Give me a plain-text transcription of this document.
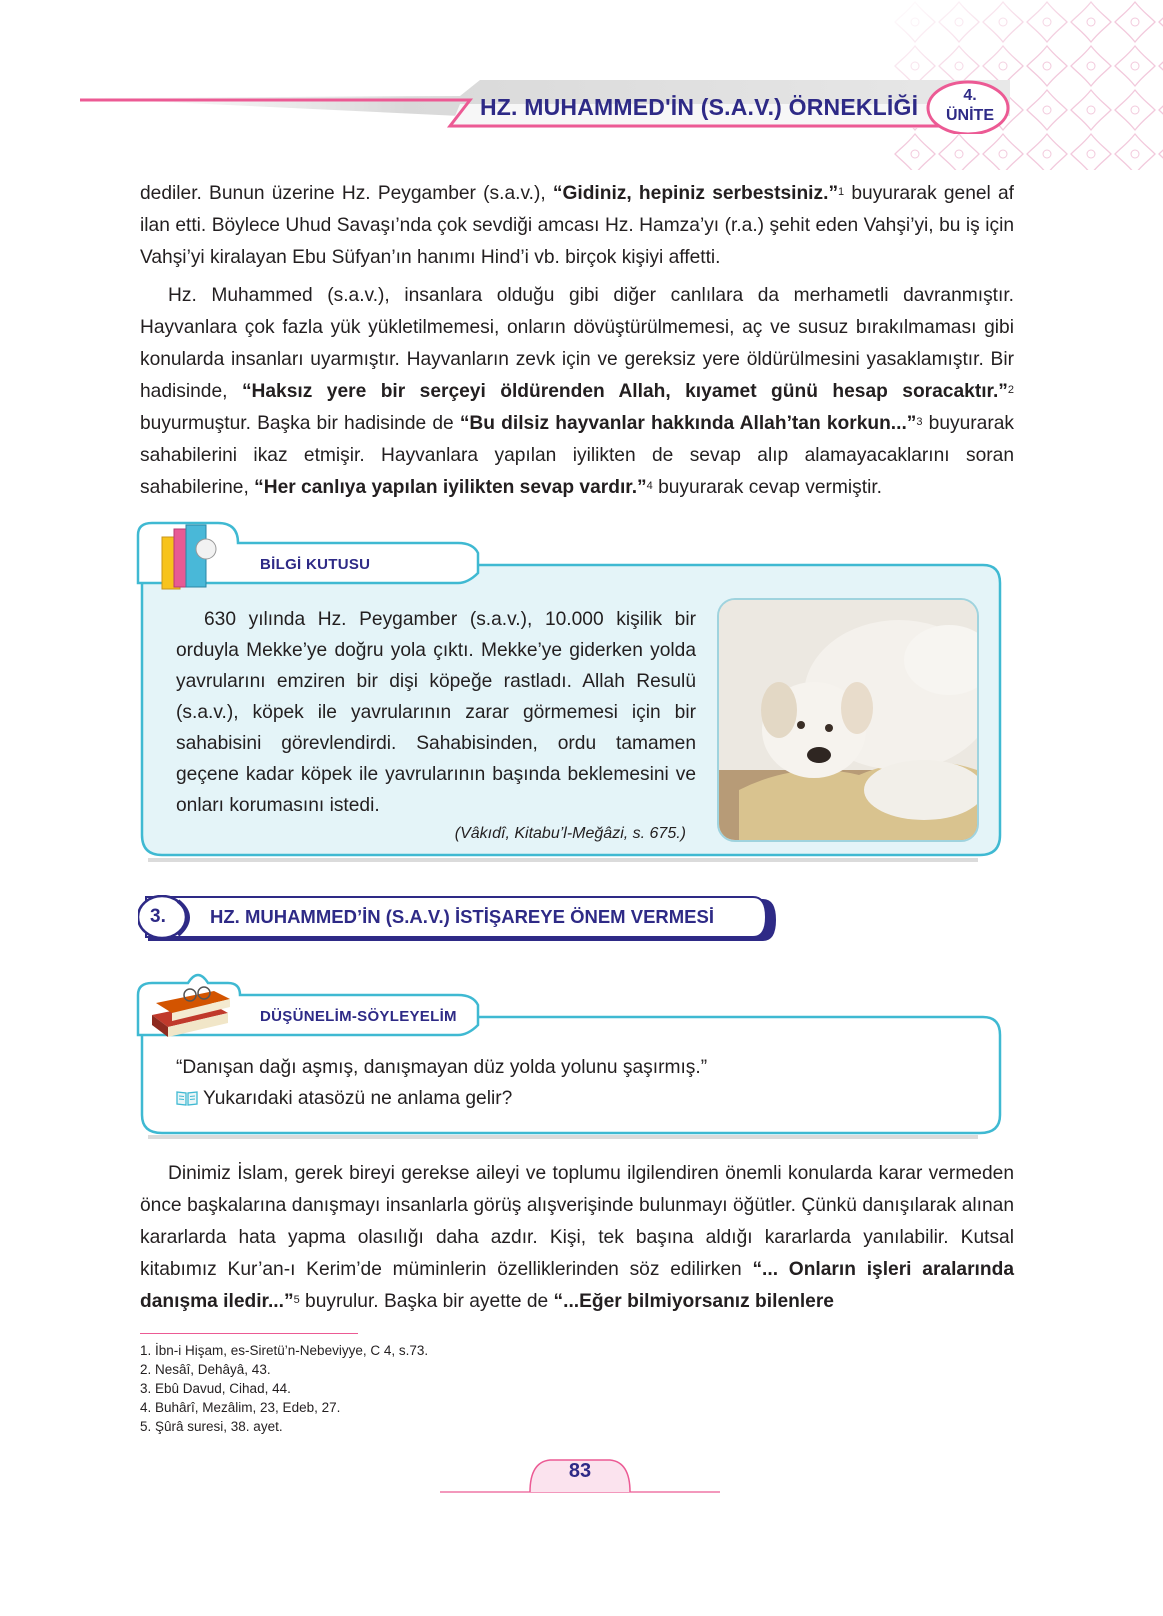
HZ. MUHAMMED'İN (S.A.V.) ÖRNEKLİĞİ	4.
ÜNİTE

dediler. Bunun üzerine Hz. Peygamber (s.a.v.), “Gidiniz, hepiniz serbestsiniz.”$^1$ buyurarak genel af ilan etti. Böylece Uhud Savaşı’nda çok sevdiği amcası Hz. Hamza’yı (r.a.) şehit eden Vahşi’yi, bu iş için Vahşi’yi kiralayan Ebu Süfyan’ın hanımı Hind’i vb. birçok kişiyi affetti.

Hz. Muhammed (s.a.v.), insanlara olduğu gibi diğer canlılara da merhametli davranmıştır. Hayvanlara çok fazla yük yükletilmemesi, onların dövüştürülmemesi, aç ve susuz bırakılmaması gibi konularda insanları uyarmıştır. Hayvanların zevk için ve gereksiz yere öldürülmesini yasaklamıştır. Bir hadisinde, “Haksız yere bir serçeyi öldürenden Allah, kıyamet günü hesap soracaktır.”$^2$ buyurmuştur. Başka bir hadisinde de “Bu dilsiz hayvanlar hakkında Allah’tan korkun...”$^3$ buyurarak sahabilerini ikaz etmişir. Hayvanlara yapılan iyilikten de sevap alıp alamayacaklarını soran sahabilerine, “Her canlıya yapılan iyilikten sevap vardır.”$^4$ buyurarak cevap vermiştir.

BİLGİ KUTUSU

630 yılında Hz. Peygamber (s.a.v.), 10.000 kişilik bir orduyla Mekke’ye doğru yola çıktı. Mekke’ye giderken yolda yavrularını emziren bir dişi köpeğe rastladı. Allah Resulü (s.a.v.), köpek ile yavrularının zarar görmemesi için bir sahabisini görevlendirdi. Sahabisinden, ordu tamamen geçene kadar köpek ile yavrularının başında beklemesini ve onları korumasını istedi.

(Vâkıdî, Kitabu’l-Meğâzi, s. 675.)
3. HZ. MUHAMMED’İN (S.A.V.) İSTİŞAREYE ÖNEM VERMESİ
DÜŞÜNELİM-SÖYLEYELİM

“Danışan dağı aşmış, danışmayan düz yolda yolunu şaşırmış.”

Yukarıdaki atasözü ne anlama gelir?

Dinimiz İslam, gerek bireyi gerekse aileyi ve toplumu ilgilendiren önemli konularda karar vermeden önce başkalarına danışmayı insanlarla görüş alışverişinde bulunmayı öğütler. Çünkü danışılarak alınan kararlarda hata yapma olasılığı daha azdır. Kişi, tek başına aldığı kararlarda yanılabilir. Kutsal kitabımız Kur’an-ı Kerim’de müminlerin özelliklerinden söz edilirken “... Onların işleri aralarında danışma iledir...”$^5$ buyrulur. Başka bir ayette de “...Eğer bilmiyorsanız bilenlere

1. İbn-i Hişam, es-Siretü’n-Nebeviyye, C 4, s.73.
2. Nesâî, Dehâyâ, 43.
3. Ebû Davud, Cihad, 44.
4. Buhârî, Mezâlim, 23, Edeb, 27.
5. Şûrâ suresi, 38. ayet.
83
